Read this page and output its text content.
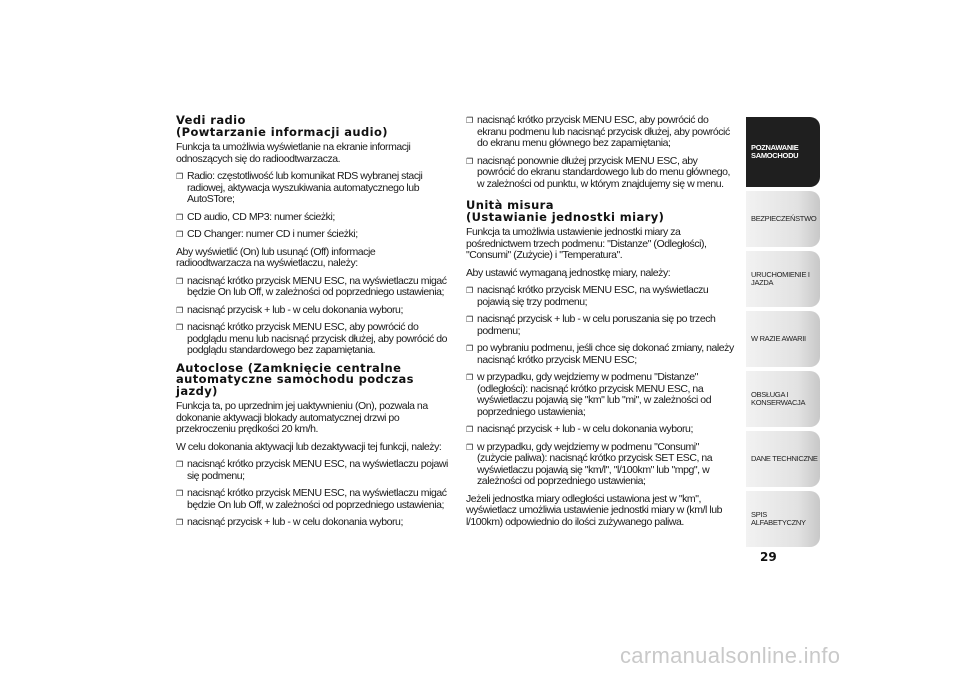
Vedi radio
(Powtarzanie informacji audio)

Funkcja ta umożliwia wyświetlanie na ekranie informacji odnoszących się do radioodtwarzacza.

❐Radio: częstotliwość lub komunikat RDS wybranej stacji radiowej, aktywacja wyszukiwania automatycznego lub AutoSTore;

❐CD audio, CD MP3: numer ścieżki;

❐CD Changer: numer CD i numer ścieżki;

Aby wyświetlić (On) lub usunąć (Off) informacje radioodtwarzacza na wyświetlaczu, należy:

❐nacisnąć krótko przycisk MENU ESC, na wyświetlaczu migać będzie On lub Off, w zależności od poprzedniego ustawienia;

❐nacisnąć przycisk + lub - w celu dokonania wyboru;

❐nacisnąć krótko przycisk MENU ESC, aby powrócić do podglądu menu lub nacisnąć przycisk dłużej, aby powrócić do podglądu standardowego bez zapamiętania.

Autoclose (Zamknięcie centralne
automatyczne samochodu podczas
jazdy)

Funkcja ta, po uprzednim jej uaktywnieniu (On), pozwala na dokonanie aktywacji blokady automatycznej drzwi po przekroczeniu prędkości 20 km/h.

W celu dokonania aktywacji lub dezaktywacji tej funkcji, należy:

❐nacisnąć krótko przycisk MENU ESC, na wyświetlaczu pojawi się podmenu;

❐nacisnąć krótko przycisk MENU ESC, na wyświetlaczu migać będzie On lub Off, w zależności od poprzedniego ustawienia;

❐nacisnąć przycisk + lub - w celu dokonania wyboru;

❐nacisnąć krótko przycisk MENU ESC, aby powrócić do ekranu podmenu lub nacisnąć przycisk dłużej, aby powrócić do ekranu menu głównego bez zapamiętania;

❐nacisnąć ponownie dłużej przycisk MENU ESC, aby powrócić do ekranu standardowego lub do menu głównego, w zależności od punktu, w którym znajdujemy się w menu.

Unità misura
(Ustawianie jednostki miary)

Funkcja ta umożliwia ustawienie jednostki miary za pośrednictwem trzech podmenu: "Distanze" (Odległości), "Consumi" (Zużycie) i "Temperatura".

Aby ustawić wymaganą jednostkę miary, należy:

❐nacisnąć krótko przycisk MENU ESC, na wyświetlaczu pojawią się trzy podmenu;

❐nacisnąć przycisk + lub - w celu poruszania się po trzech podmenu;

❐po wybraniu podmenu, jeśli chce się dokonać zmiany, należy nacisnąć krótko przycisk MENU ESC;

❐w przypadku, gdy wejdziemy w podmenu "Distanze" (odległości): nacisnąć krótko przycisk MENU ESC, na wyświetlaczu pojawią się "km" lub "mi", w zależności od poprzedniego ustawienia;

❐nacisnąć przycisk + lub - w celu dokonania wyboru;

❐w przypadku, gdy wejdziemy w podmenu "Consumi" (zużycie paliwa): nacisnąć krótko przycisk SET ESC, na wyświetlaczu pojawią się "km/l", "l/100km" lub "mpg", w zależności od poprzedniego ustawienia;

Jeżeli jednostka miary odległości ustawiona jest w "km", wyświetlacz umożliwia ustawienie jednostki miary w (km/l lub l/100km) odpowiednio do ilości zużywanego paliwa.

POZNAWANIE SAMOCHODU
BEZPIECZEŃSTWO
URUCHOMIENIE I JAZDA
W RAZIE AWARII
OBSŁUGA I KONSERWACJA
DANE TECHNICZNE
SPIS ALFABETYCZNY
29
carmanualsonline.info
